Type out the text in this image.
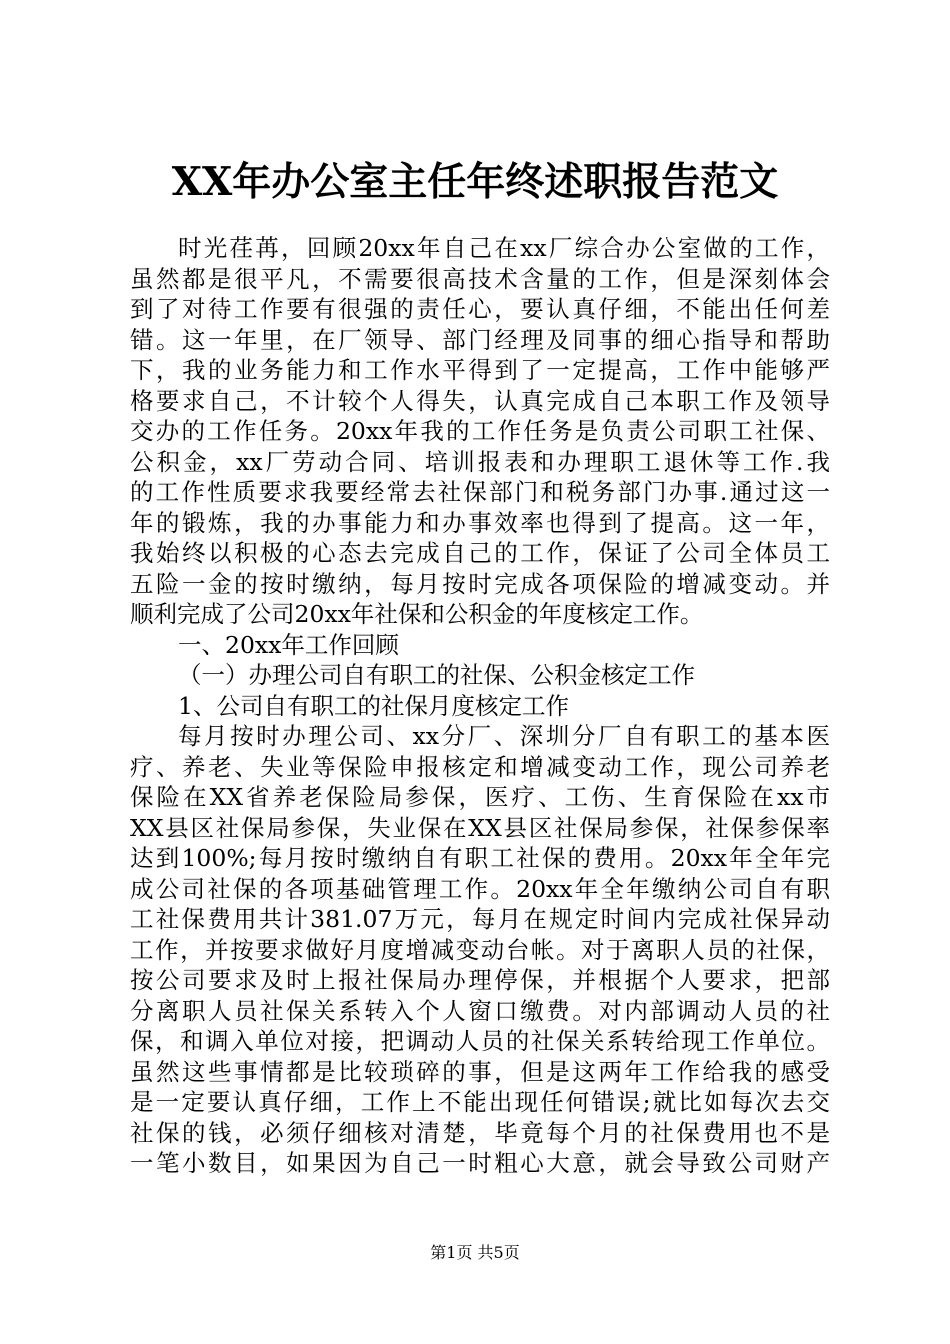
XX年办公室主任年终述职报告范文
时光荏苒，回顾20xx年自己在xx厂综合办公室做的工作，
虽然都是很平凡，不需要很高技术含量的工作，但是深刻体会
到了对待工作要有很强的责任心，要认真仔细，不能出任何差
错。这一年里，在厂领导、部门经理及同事的细心指导和帮助
下，我的业务能力和工作水平得到了一定提高，工作中能够严
格要求自己，不计较个人得失，认真完成自己本职工作及领导
交办的工作任务。20xx年我的工作任务是负责公司职工社保、
公积金，xx厂劳动合同、培训报表和办理职工退休等工作.我
的工作性质要求我要经常去社保部门和税务部门办事.通过这一
年的锻炼，我的办事能力和办事效率也得到了提高。这一年，
我始终以积极的心态去完成自己的工作，保证了公司全体员工
五险一金的按时缴纳，每月按时完成各项保险的增减变动。并
顺利完成了公司20xx年社保和公积金的年度核定工作。
一、20xx年工作回顾
（一）办理公司自有职工的社保、公积金核定工作
1、公司自有职工的社保月度核定工作
每月按时办理公司、xx分厂、深圳分厂自有职工的基本医
疗、养老、失业等保险申报核定和增减变动工作，现公司养老
保险在XX省养老保险局参保，医疗、工伤、生育保险在xx市
XX县区社保局参保，失业保在XX县区社保局参保，社保参保率
达到100%;每月按时缴纳自有职工社保的费用。20xx年全年完
成公司社保的各项基础管理工作。20xx年全年缴纳公司自有职
工社保费用共计381.07万元，每月在规定时间内完成社保异动
工作，并按要求做好月度增减变动台帐。对于离职人员的社保，
按公司要求及时上报社保局办理停保，并根据个人要求，把部
分离职人员社保关系转入个人窗口缴费。对内部调动人员的社
保，和调入单位对接，把调动人员的社保关系转给现工作单位。
虽然这些事情都是比较琐碎的事，但是这两年工作给我的感受
是一定要认真仔细，工作上不能出现任何错误;就比如每次去交
社保的钱，必须仔细核对清楚，毕竟每个月的社保费用也不是
一笔小数目，如果因为自己一时粗心大意，就会导致公司财产
第1页 共5页
